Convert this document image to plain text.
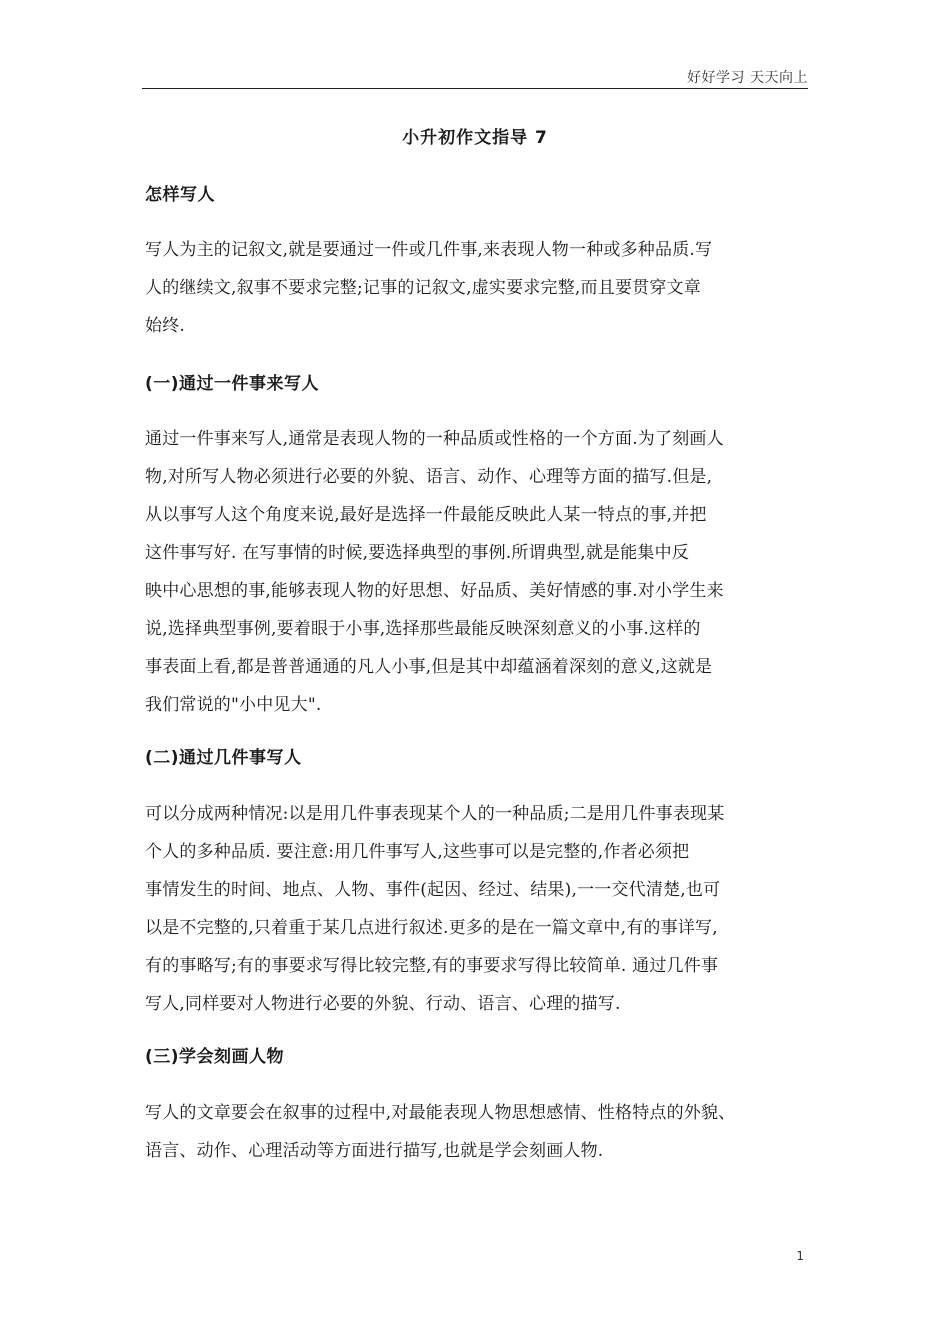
好好学习 天天向上
小升初作文指导 7
怎样写人
写人为主的记叙文,就是要通过一件或几件事,来表现人物一种或多种品质.写
人的继续文,叙事不要求完整;记事的记叙文,虚实要求完整,而且要贯穿文章
始终.
(一)通过一件事来写人
通过一件事来写人,通常是表现人物的一种品质或性格的一个方面.为了刻画人
物,对所写人物必须进行必要的外貌、语言、动作、心理等方面的描写.但是,
从以事写人这个角度来说,最好是选择一件最能反映此人某一特点的事,并把
这件事写好. 在写事情的时候,要选择典型的事例.所谓典型,就是能集中反
映中心思想的事,能够表现人物的好思想、好品质、美好情感的事.对小学生来
说,选择典型事例,要着眼于小事,选择那些最能反映深刻意义的小事.这样的
事表面上看,都是普普通通的凡人小事,但是其中却蕴涵着深刻的意义,这就是
我们常说的"小中见大".
(二)通过几件事写人
可以分成两种情况:以是用几件事表现某个人的一种品质;二是用几件事表现某
个人的多种品质. 要注意:用几件事写人,这些事可以是完整的,作者必须把
事情发生的时间、地点、人物、事件(起因、经过、结果),一一交代清楚,也可
以是不完整的,只着重于某几点进行叙述.更多的是在一篇文章中,有的事详写,
有的事略写;有的事要求写得比较完整,有的事要求写得比较简单. 通过几件事
写人,同样要对人物进行必要的外貌、行动、语言、心理的描写.
(三)学会刻画人物
写人的文章要会在叙事的过程中,对最能表现人物思想感情、性格特点的外貌、
语言、动作、心理活动等方面进行描写,也就是学会刻画人物.
1
